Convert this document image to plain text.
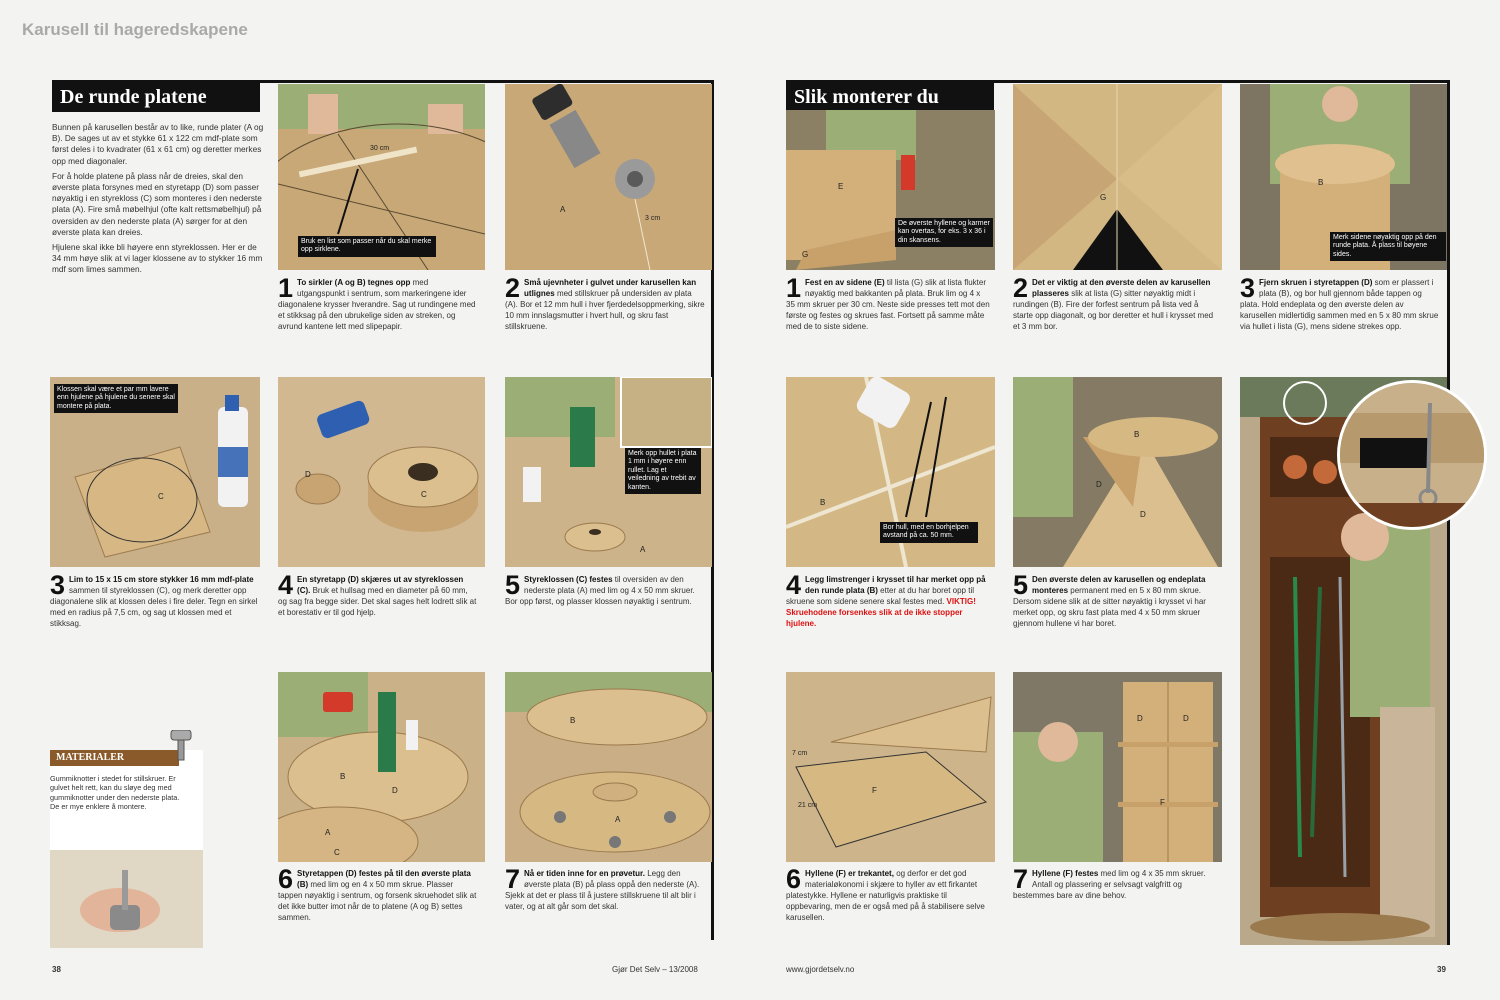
Karusell til hageredskapene
De runde platene

Bunnen på karusellen består av to like, runde plater (A og B). De sages ut av et stykke 61 x 122 cm mdf-plate som først deles i to kvadrater (61 x 61 cm) og deretter merkes opp med diagonaler.

For å holde platene på plass når de dreies, skal den øverste plata forsynes med en styretapp (D) som passer nøyaktig i en styrekloss (C) som monteres i den nederste plata (A). Fire små møbelhjul (ofte kalt rettsmøbelhjul) på oversiden av den nederste plata (A) sørger for at den øverste plata kan dreies.

Hjulene skal ikke bli høyere enn styreklossen. Her er de 34 mm høye slik at vi lager klossene av to stykker 16 mm mdf som limes sammen.

30 cm
Bruk en list som passer når du skal merke opp sirklene.
A
3 cm
1 To sirkler (A og B) tegnes opp med utgangspunkt i sentrum, som markeringene ider diagonalene krysser hverandre. Sag ut rundingene med et stikksag på den ubrukelige siden av streken, og avrund kantene lett med slipepapir.
2 Små ujevnheter i gulvet under karusellen kan utlignes med stillskruer på undersiden av plata (A). Bor et 12 mm hull i hver fjerdedelsoppmerking, sikre 10 mm innslagsmutter i hvert hull, og skru fast stillskruene.
Klossen skal være et par mm lavere enn hjulene på hjulene du senere skal montere på plata.
C
D
C
Merk opp hullet i plata 1 mm i høyere enn rullet. Lag et veiledning av trebit av kanten.
A
3 Lim to 15 x 15 cm store stykker 16 mm mdf-plate sammen til styreklossen (C), og merk deretter opp diagonalene slik at klossen deles i fire deler. Tegn en sirkel med en radius på 7,5 cm, og sag ut klossen med et stikksag.
4 En styretapp (D) skjæres ut av styreklossen (C). Bruk et hullsag med en diameter på 60 mm, og sag fra begge sider. Det skal sages helt lodrett slik at et borestativ er til god hjelp.
5 Styreklossen (C) festes til oversiden av den nederste plata (A) med lim og 4 x 50 mm skruer. Bor opp først, og plasser klossen nøyaktig i sentrum.
B
D
A
C
B
A
6 Styretappen (D) festes på til den øverste plata (B) med lim og en 4 x 50 mm skrue. Plasser tappen nøyaktig i sentrum, og forsenk skruehodet slik at det ikke butter imot når de to platene (A og B) settes sammen.
7 Nå er tiden inne for en prøvetur. Legg den øverste plata (B) på plass oppå den nederste (A). Sjekk at det er plass til å justere stillskruene til alt blir i vater, og at alt går som det skal.
MATERIALER
Gummiknotter i stedet for stillskruer. Er gulvet helt rett, kan du sløye deg med gummiknotter under den nederste plata. De er mye enklere å montere.
38	Gjør Det Selv – 13/2008
Slik monterer du
De øverste hyllene og karmer kan overtas, for eks. 3 x 36 i din skansens.
E
G
G
Merk sidene nøyaktig opp på den runde plata. Å plass til bøyene sides.
B
1 Fest en av sidene (E) til lista (G) slik at lista flukter nøyaktig med bakkanten på plata. Bruk lim og 4 x 35 mm skruer per 30 cm. Neste side presses tett mot den første og festes og skrues fast. Fortsett på samme måte med de to siste sidene.
2 Det er viktig at den øverste delen av karusellen plasseres slik at lista (G) sitter nøyaktig midt i rundingen (B). Fire der forfest sentrum på lista ved å starte opp diagonalt, og bor deretter et hull i krysset med et 3 mm bor.
3 Fjern skruen i styretappen (D) som er plassert i plata (B), og bor hull gjennom både tappen og plata. Hold endeplata og den øverste delen av karusellen midlertidig sammen med en 5 x 80 mm skrue via hullet i lista (G), mens sidene strekes opp.
Bor hull, med en borhjelpen avstand på ca. 50 mm.
B
B
D
D
4 Legg limstrenger i krysset til har merket opp på den runde plata (B) etter at du har boret opp til skruene som sidene senere skal festes med. VIKTIG! Skruehodene forsenkes slik at de ikke stopper hjulene.
5 Den øverste delen av karusellen og endeplata monteres permanent med en 5 x 80 mm skrue. Dersom sidene slik at de sitter nøyaktig i krysset vi har merket opp, og skru fast plata med 4 x 50 mm skruer gjennom hullene vi har boret.
F
7 cm
21 cm
D	D
F
6 Hyllene (F) er trekantet, og derfor er det god materialøkonomi i skjære to hyller av ett firkantet platestykke. Hyllene er naturligvis praktiske til oppbevaring, men de er også med på å stabilisere selve karusellen.
7 Hyllene (F) festes med lim og 4 x 35 mm skruer. Antall og plassering er selvsagt valgfritt og bestemmes bare av dine behov.
www.gjordetselv.no	39
